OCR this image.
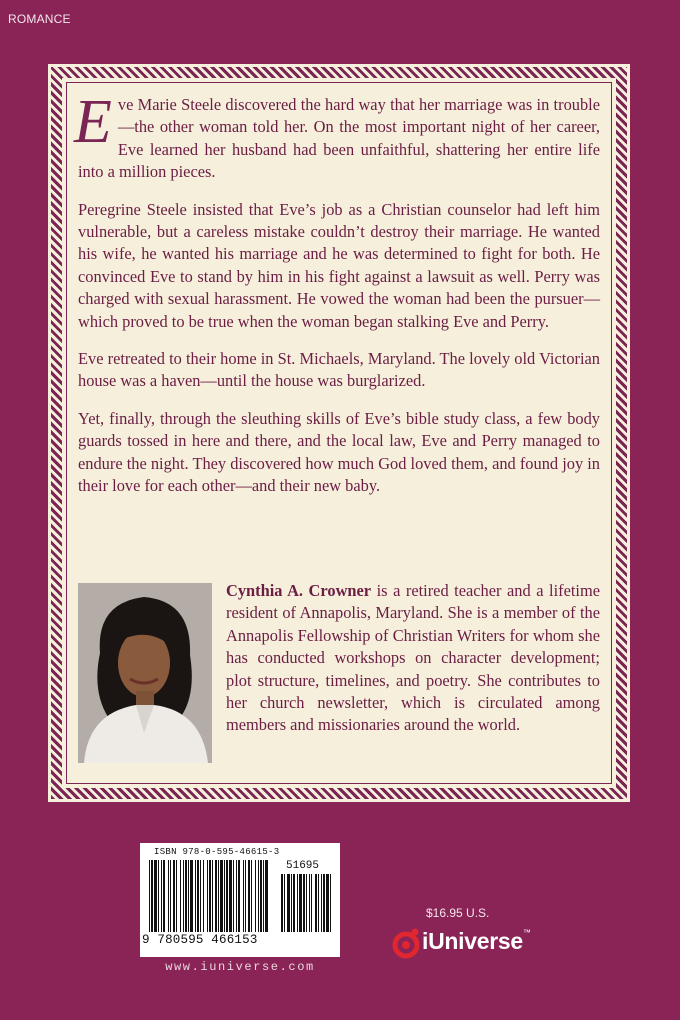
ROMANCE

Eve Marie Steele discovered the hard way that her marriage was in trouble—the other woman told her. On the most important night of her career, Eve learned her husband had been unfaithful, shattering her entire life into a million pieces.

Peregrine Steele insisted that Eve’s job as a Christian counselor had left him vulnerable, but a careless mistake couldn’t destroy their marriage. He wanted his wife, he wanted his marriage and he was determined to fight for both. He convinced Eve to stand by him in his fight against a lawsuit as well. Perry was charged with sexual harassment. He vowed the woman had been the pursuer—which proved to be true when the woman began stalking Eve and Perry.

Eve retreated to their home in St. Michaels, Maryland. The lovely old Victorian house was a haven—until the house was burglarized.

Yet, finally, through the sleuthing skills of Eve’s bible study class, a few body guards tossed in here and there, and the local law, Eve and Perry managed to endure the night. They discovered how much God loved them, and found joy in their love for each other—and their new baby.

Cynthia A. Crowner is a retired teacher and a lifetime resident of Annapolis, Maryland. She is a member of the Annapolis Fellowship of Christian Writers for whom she has conducted workshops on character development; plot structure, timelines, and poetry. She contributes to her church newsletter, which is circulated among members and missionaries around the world.
ISBN 978-0-595-46615-3
51695
9 780595 466153
www.iuniverse.com
$16.95 U.S.
iUniverse™
